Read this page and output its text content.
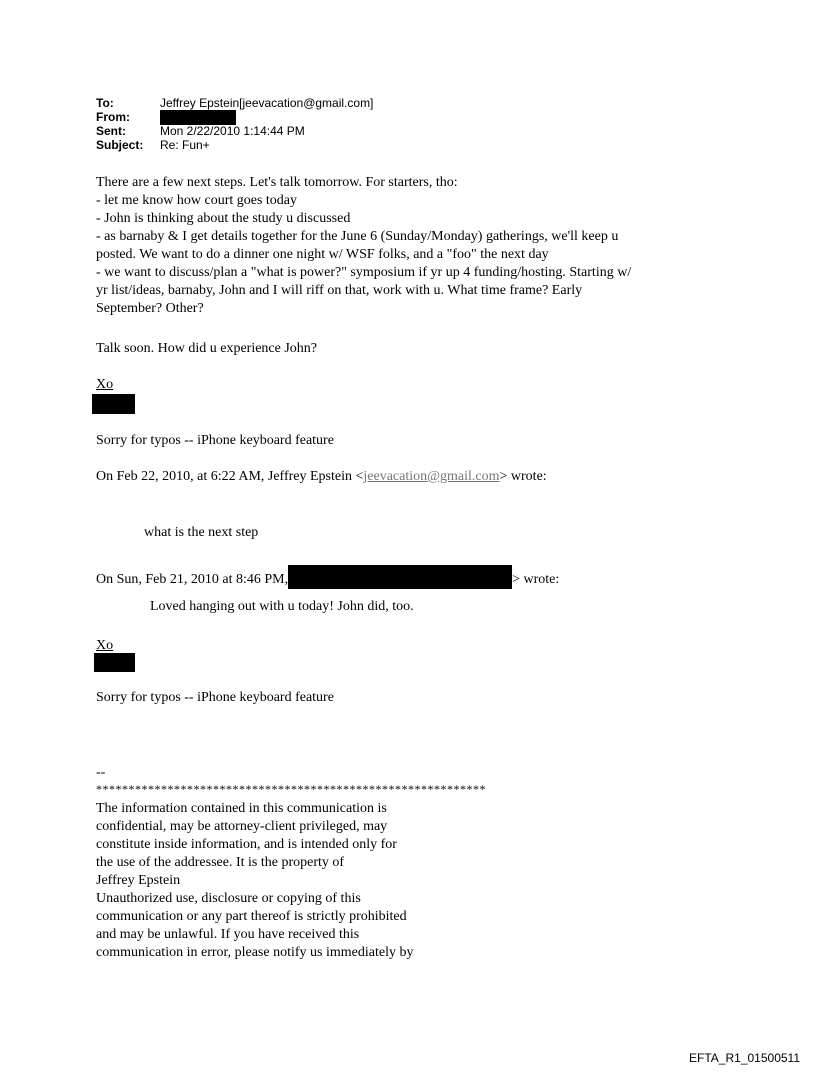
To:	Jeffrey Epstein[jeevacation@gmail.com]
From:
Sent:	Mon 2/22/2010 1:14:44 PM
Subject:	Re: Fun+
There are a few next steps. Let's talk tomorrow. For starters, tho:
- let me know how court goes today
- John is thinking about the study u discussed
- as barnaby & I get details together for the June 6 (Sunday/Monday) gatherings, we'll keep u
posted. We want to do a dinner one night w/ WSF folks, and a "foo" the next day
- we want to discuss/plan a "what is power?" symposium if yr up 4 funding/hosting. Starting w/
yr list/ideas, barnaby, John and I will riff on that, work with u. What time frame? Early
September? Other?
Talk soon. How did u experience John?
Xo
Sorry for typos -- iPhone keyboard feature
On Feb 22, 2010, at 6:22 AM, Jeffrey Epstein <jeevacation@gmail.com> wrote:
what is the next step
On Sun, Feb 21, 2010 at 8:46 PM,	> wrote:
Loved hanging out with u today! John did, too.
Xo
Sorry for typos -- iPhone keyboard feature
--
************************************************************
The information contained in this communication is
confidential, may be attorney-client privileged, may
constitute inside information, and is intended only for
the use of the addressee. It is the property of
Jeffrey Epstein
Unauthorized use, disclosure or copying of this
communication or any part thereof is strictly prohibited
and may be unlawful. If you have received this
communication in error, please notify us immediately by
EFTA_R1_01500511
